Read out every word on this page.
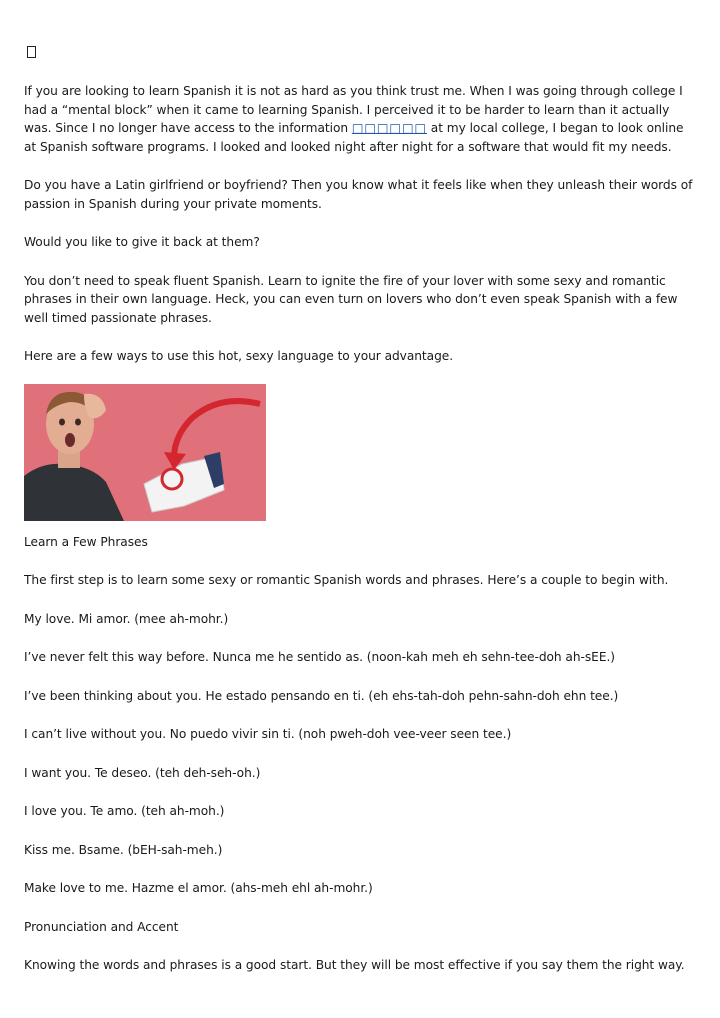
If you are looking to learn Spanish it is not as hard as you think trust me. When I was going through college I had a “mental block” when it came to learning Spanish. I perceived it to be harder to learn than it actually was. Since I no longer have access to the information □□□□□□ at my local college, I began to look online at Spanish software programs. I looked and looked night after night for a software that would fit my needs.

Do you have a Latin girlfriend or boyfriend? Then you know what it feels like when they unleash their words of passion in Spanish during your private moments.

Would you like to give it back at them?

You don’t need to speak fluent Spanish. Learn to ignite the fire of your lover with some sexy and romantic phrases in their own language. Heck, you can even turn on lovers who don’t even speak Spanish with a few well timed passionate phrases.

Here are a few ways to use this hot, sexy language to your advantage.

Learn a Few Phrases

The first step is to learn some sexy or romantic Spanish words and phrases. Here’s a couple to begin with.

My love. Mi amor. (mee ah-mohr.)

I’ve never felt this way before. Nunca me he sentido as. (noon-kah meh eh sehn-tee-doh ah-sEE.)

I’ve been thinking about you. He estado pensando en ti. (eh ehs-tah-doh pehn-sahn-doh ehn tee.)

I can’t live without you. No puedo vivir sin ti. (noh pweh-doh vee-veer seen tee.)

I want you. Te deseo. (teh deh-seh-oh.)

I love you. Te amo. (teh ah-moh.)

Kiss me. Bsame. (bEH-sah-meh.)

Make love to me. Hazme el amor. (ahs-meh ehl ah-mohr.)

Pronunciation and Accent

Knowing the words and phrases is a good start. But they will be most effective if you say them the right way.
